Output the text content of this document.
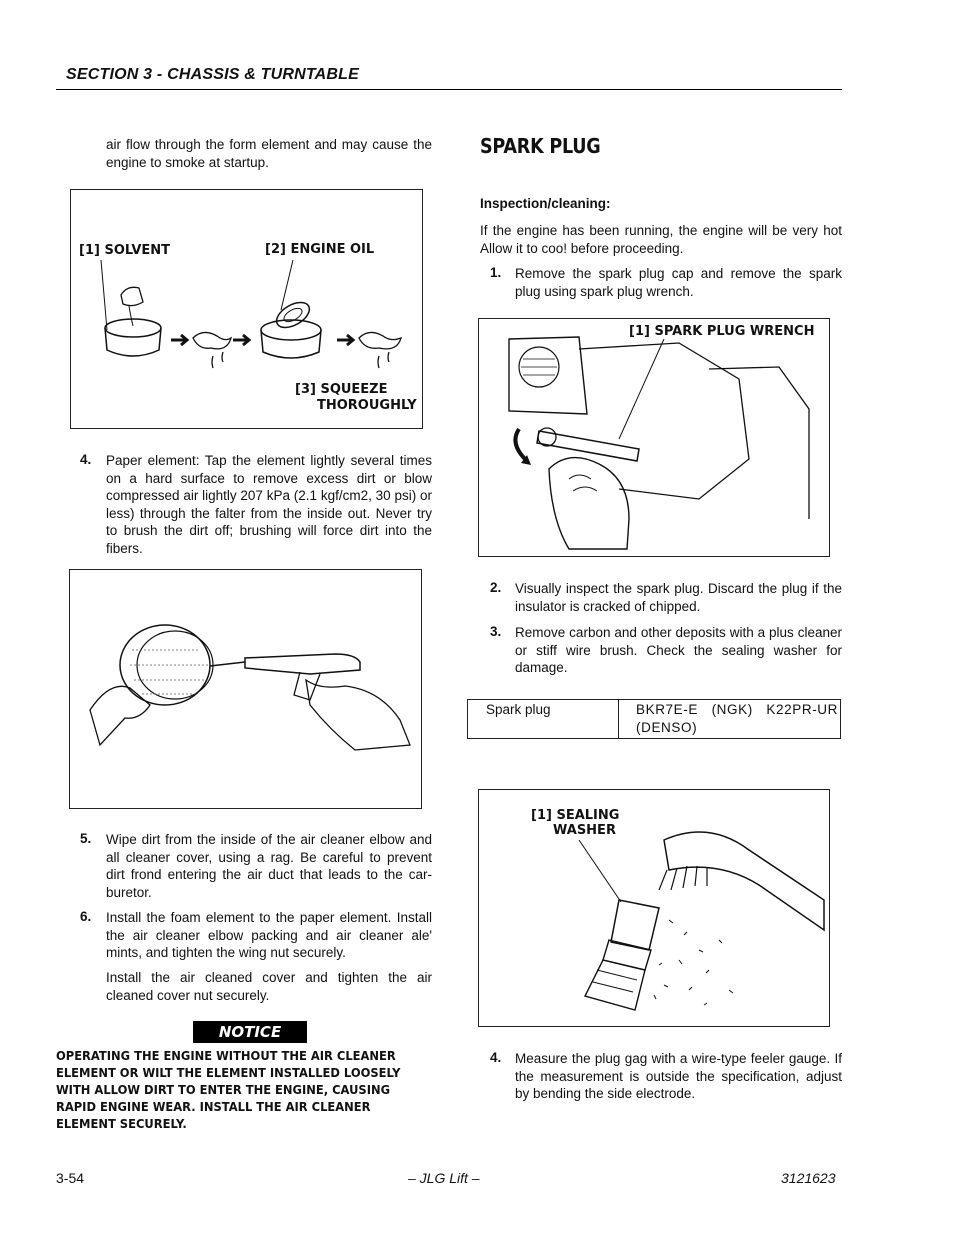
SECTION 3 - CHASSIS & TURNTABLE
air flow through the form element and may cause the engine to smoke at startup.
[1] SOLVENT	[2] ENGINE OIL
[3] SQUEEZE
THOROUGHLY
4. Paper element: Tap the element lightly several times on a hard surface to remove excess dirt or blow compressed air lightly 207 kPa (2.1 kgf/cm2, 30 psi) or less) through the falter from the inside out. Never try to brush the dirt off; brushing will force dirt into the fibers.
5. Wipe dirt from the inside of the air cleaner elbow and all cleaner cover, using a rag. Be careful to prevent dirt frond entering the air duct that leads to the car-buretor.
6. Install the foam element to the paper element. Install the air cleaner elbow packing and air cleaner ale' mints, and tighten the wing nut securely.
Install the air cleaned cover and tighten the air cleaned cover nut securely.
NOTICE
OPERATING THE ENGINE WITHOUT THE AIR CLEANER ELEMENT OR WILT THE ELEMENT INSTALLED LOOSELY WITH ALLOW DIRT TO ENTER THE ENGINE, CAUSING RAPID ENGINE WEAR. INSTALL THE AIR CLEANER ELEMENT SECURELY.
SPARK PLUG
Inspection/cleaning:
If the engine has been running, the engine will be very hot Allow it to coo! before proceeding.
1. Remove the spark plug cap and remove the spark plug using spark plug wrench.
[1] SPARK PLUG WRENCH
2. Visually inspect the spark plug. Discard the plug if the insulator is cracked of chipped.
3. Remove carbon and other deposits with a plus cleaner or stiff wire brush. Check the sealing washer for damage.
Spark plug	BKR7E-E (NGK) K22PR-UR (DENSO)
[1] SEALING
WASHER
4. Measure the plug gag with a wire-type feeler gauge. If the measurement is outside the specification, adjust by bending the side electrode.
3-54	– JLG Lift –	3121623
